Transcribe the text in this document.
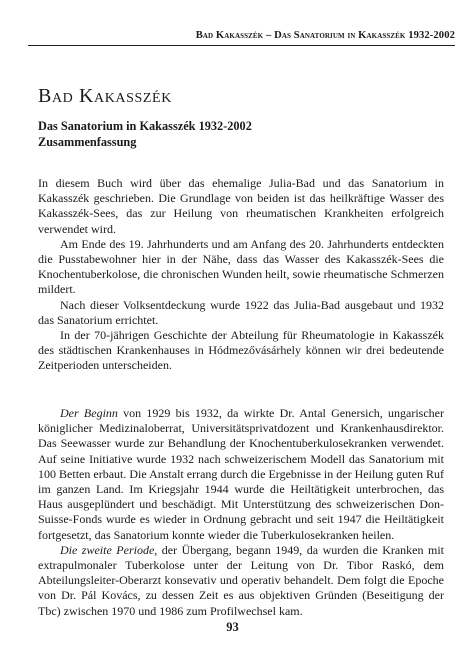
Bad Kakasszék – Das Sanatorium in Kakasszék 1932-2002
Bad Kakasszék
Das Sanatorium in Kakasszék 1932-2002
Zusammenfassung

In diesem Buch wird über das ehemalige Julia-Bad und das Sanatorium in Kakasszék geschrieben. Die Grundlage von beiden ist das heilkräftige Wasser des Kakasszék-Sees, das zur Heilung von rheumatischen Krankheiten erfolgreich verwendet wird.

Am Ende des 19. Jahrhunderts und am Anfang des 20. Jahrhunderts entdeckten die Pusstabewohner hier in der Nähe, dass das Wasser des Kakasszék-Sees die Knochentuberkolose, die chronischen Wunden heilt, sowie rheumatische Schmerzen mildert.

Nach dieser Volksentdeckung wurde 1922 das Julia-Bad ausgebaut und 1932 das Sanatorium errichtet.

In der 70-jährigen Geschichte der Abteilung für Rheumatologie in Kakasszék des städtischen Krankenhauses in Hódmezővásárhely können wir drei bedeutende Zeitperioden unterscheiden.

Der Beginn von 1929 bis 1932, da wirkte Dr. Antal Genersich, ungarischer königlicher Medizinaloberrat, Universitätsprivatdozent und Krankenhausdirektor. Das Seewasser wurde zur Behandlung der Knochentuberkulosekranken verwendet. Auf seine Initiative wurde 1932 nach schweizerischem Modell das Sanatorium mit 100 Betten erbaut. Die Anstalt errang durch die Ergebnisse in der Heilung guten Ruf im ganzen Land. Im Kriegsjahr 1944 wurde die Heiltätigkeit unterbrochen, das Haus ausgeplündert und beschädigt. Mit Unterstützung des schweizerischen Don-Suisse-Fonds wurde es wieder in Ordnung gebracht und seit 1947 die Heiltätigkeit fortgesetzt, das Sanatorium konnte wieder die Tuberkulosekranken heilen.

Die zweite Periode, der Übergang, begann 1949, da wurden die Kranken mit extrapulmonaler Tuberkolose unter der Leitung von Dr. Tibor Raskó, dem Abteilungsleiter-Oberarzt konsevativ und operativ behandelt. Dem folgt die Epoche von Dr. Pál Kovács, zu dessen Zeit es aus objektiven Gründen (Beseitigung der Tbc) zwischen 1970 und 1986 zum Profilwechsel kam.

93
